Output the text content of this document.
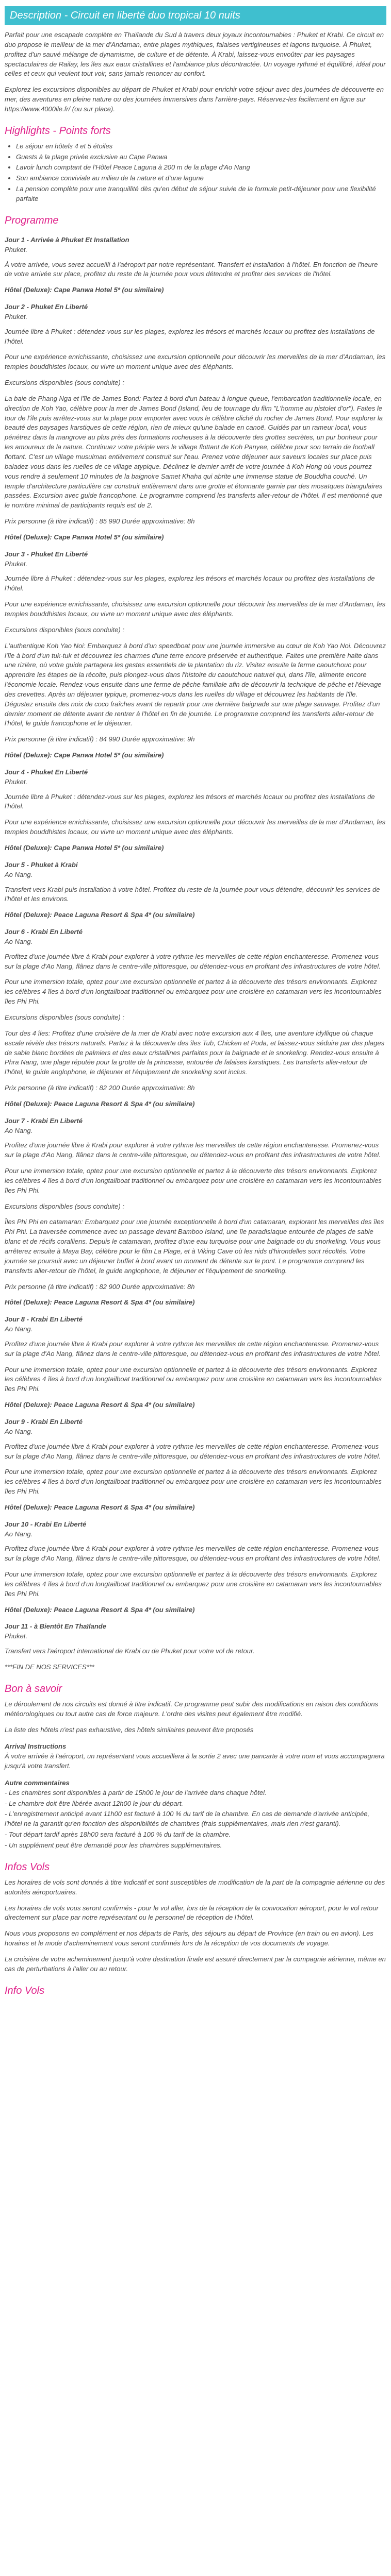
Description - Circuit en liberté duo tropical 10 nuits

Parfait pour une escapade complète en Thaïlande du Sud à travers deux joyaux incontournables : Phuket et Krabi. Ce circuit en duo propose le meilleur de la mer d'Andaman, entre plages mythiques, falaises vertigineuses et lagons turquoise. À Phuket, profitez d'un sauvé mélange de dynamisme, de culture et de détente. À Krabi, laissez-vous envoûter par les paysages spectaculaires de Railay, les îles aux eaux cristallines et l'ambiance plus décontractée. Un voyage rythmé et équilibré, idéal pour celles et ceux qui veulent tout voir, sans jamais renoncer au confort.

Explorez les excursions disponibles au départ de Phuket et Krabi pour enrichir votre séjour avec des journées de découverte en mer, des aventures en pleine nature ou des journées immersives dans l'arrière-pays. Réservez-les facilement en ligne sur https://www.4000ile.fr/ (ou sur place).

Highlights - Points forts
• Le séjour en hôtels 4 et 5 étoiles
• Guests à la plage privée exclusive au Cape Panwa
• Lavoir lunch comptant de l'Hôtel Peace Laguna à 200 m de la plage d'Ao Nang
• Son ambiance conviviale au milieu de la nature et d'une lagune
• La pension complète pour une tranquillité dès qu'en début de séjour suivie de la formule petit-déjeuner pour une flexibilité parfaite
Programme
Jour 1 - Arrivée à Phuket Et Installation
Phuket.

À votre arrivée, vous serez accueilli à l'aéroport par notre représentant. Transfert et installation à l'hôtel. En fonction de l'heure de votre arrivée sur place, profitez du reste de la journée pour vous détendre et profiter des services de l'hôtel.

Hôtel (Deluxe): Cape Panwa Hotel 5* (ou similaire)
Jour 2 - Phuket En Liberté
Phuket.

Journée libre à Phuket : détendez-vous sur les plages, explorez les trésors et marchés locaux ou profitez des installations de l'hôtel.

Pour une expérience enrichissante, choisissez une excursion optionnelle pour découvrir les merveilles de la mer d'Andaman, les temples bouddhistes locaux, ou vivre un moment unique avec des éléphants.

Excursions disponibles (sous conduite) :

La baie de Phang Nga et l'île de James Bond: Partez à bord d'un bateau à longue queue, l'embarcation traditionnelle locale, en direction de Koh Yao, célèbre pour la mer de James Bond (Island, lieu de tournage du film "L'homme au pistolet d'or"). Faites le tour de l'île puis arrêtez-vous sur la plage pour emporter avec vous le célèbre cliché du rocher de James Bond. Pour explorer la beauté des paysages karstiques de cette région, rien de mieux qu'une balade en canoë. Guidés par un rameur local, vous pénétrez dans la mangrove au plus près des formations rocheuses à la découverte des grottes secrètes, un pur bonheur pour les amoureux de la nature. Continuez votre périple vers le village flottant de Koh Panyee, célèbre pour son terrain de football flottant. C'est un village musulman entièrement construit sur l'eau. Prenez votre déjeuner aux saveurs locales sur place puis baladez-vous dans les ruelles de ce village atypique. Déclinez le dernier arrêt de votre journée à Koh Hong où vous pourrez vous rendre à seulement 10 minutes de la baignoire Samet Khaha qui abrite une immense statue de Bouddha couché. Un temple d'architecture particulière car construit entièrement dans une grotte et étonnante garnie par des mosaïques triangulaires passées. Excursion avec guide francophone. Le programme comprend les transferts aller-retour de l'hôtel. Il est mentionné que le nombre minimal de participants requis est de 2.

Prix personne (à titre indicatif) : 85 990 Durée approximative: 8h

Hôtel (Deluxe): Cape Panwa Hotel 5* (ou similaire)
Jour 3 - Phuket En Liberté
Phuket.

Journée libre à Phuket : détendez-vous sur les plages, explorez les trésors et marchés locaux ou profitez des installations de l'hôtel.

Pour une expérience enrichissante, choisissez une excursion optionnelle pour découvrir les merveilles de la mer d'Andaman, les temples bouddhistes locaux, ou vivre un moment unique avec des éléphants.

Excursions disponibles (sous conduite) :

L'authentique Koh Yao Noi: Embarquez à bord d'un speedboat pour une journée immersive au cœur de Koh Yao Noi. Découvrez l'île à bord d'un tuk-tuk et découvrez les charmes d'une terre encore préservée et authentique. Faites une première halte dans une rizière, où votre guide partagera les gestes essentiels de la plantation du riz. Visitez ensuite la ferme caoutchouc pour apprendre les étapes de la récolte, puis plongez-vous dans l'histoire du caoutchouc naturel qui, dans l'île, alimente encore l'économie locale. Rendez-vous ensuite dans une ferme de pêche familiale afin de découvrir la technique de pêche et l'élevage des crevettes. Après un déjeuner typique, promenez-vous dans les ruelles du village et découvrez les habitants de l'île. Dégustez ensuite des noix de coco fraîches avant de repartir pour une dernière baignade sur une plage sauvage. Profitez d'un dernier moment de détente avant de rentrer à l'hôtel en fin de journée. Le programme comprend les transferts aller-retour de l'hôtel, le guide francophone et le déjeuner.

Prix personne (à titre indicatif) : 84 990 Durée approximative: 9h

Hôtel (Deluxe): Cape Panwa Hotel 5* (ou similaire)
Jour 4 - Phuket En Liberté
Phuket.

Journée libre à Phuket : détendez-vous sur les plages, explorez les trésors et marchés locaux ou profitez des installations de l'hôtel.

Pour une expérience enrichissante, choisissez une excursion optionnelle pour découvrir les merveilles de la mer d'Andaman, les temples bouddhistes locaux, ou vivre un moment unique avec des éléphants.

Hôtel (Deluxe): Cape Panwa Hotel 5* (ou similaire)
Jour 5 - Phuket à Krabi
Ao Nang.

Transfert vers Krabi puis installation à votre hôtel. Profitez du reste de la journée pour vous détendre, découvrir les services de l'hôtel et les environs.

Hôtel (Deluxe): Peace Laguna Resort & Spa 4* (ou similaire)
Jour 6 - Krabi En Liberté
Ao Nang.

Profitez d'une journée libre à Krabi pour explorer à votre rythme les merveilles de cette région enchanteresse. Promenez-vous sur la plage d'Ao Nang, flânez dans le centre-ville pittoresque, ou détendez-vous en profitant des infrastructures de votre hôtel.

Pour une immersion totale, optez pour une excursion optionnelle et partez à la découverte des trésors environnants. Explorez les célèbres 4 îles à bord d'un longtailboat traditionnel ou embarquez pour une croisière en catamaran vers les incontournables îles Phi Phi.

Excursions disponibles (sous conduite) :

Tour des 4 îles: Profitez d'une croisière de la mer de Krabi avec notre excursion aux 4 îles, une aventure idyllique où chaque escale révèle des trésors naturels. Partez à la découverte des îles Tub, Chicken et Poda, et laissez-vous séduire par des plages de sable blanc bordées de palmiers et des eaux cristallines parfaites pour la baignade et le snorkeling. Rendez-vous ensuite à Phra Nang, une plage réputée pour la grotte de la princesse, entourée de falaises karstiques. Les transferts aller-retour de l'hôtel, le guide anglophone, le déjeuner et l'équipement de snorkeling sont inclus.

Prix personne (à titre indicatif) : 82 200 Durée approximative: 8h

Hôtel (Deluxe): Peace Laguna Resort & Spa 4* (ou similaire)
Jour 7 - Krabi En Liberté
Ao Nang.

Profitez d'une journée libre à Krabi pour explorer à votre rythme les merveilles de cette région enchanteresse. Promenez-vous sur la plage d'Ao Nang, flânez dans le centre-ville pittoresque, ou détendez-vous en profitant des infrastructures de votre hôtel.

Pour une immersion totale, optez pour une excursion optionnelle et partez à la découverte des trésors environnants. Explorez les célèbres 4 îles à bord d'un longtailboat traditionnel ou embarquez pour une croisière en catamaran vers les incontournables îles Phi Phi.

Excursions disponibles (sous conduite) :

Îles Phi Phi en catamaran: Embarquez pour une journée exceptionnelle à bord d'un catamaran, explorant les merveilles des îles Phi Phi. La traversée commence avec un passage devant Bamboo Island, une île paradisiaque entourée de plages de sable blanc et de récifs coralliens. Depuis le catamaran, profitez d'une eau turquoise pour une baignade ou du snorkeling. Vous vous arrêterez ensuite à Maya Bay, célèbre pour le film La Plage, et à Viking Cave où les nids d'hirondelles sont récoltés. Votre journée se poursuit avec un déjeuner buffet à bord avant un moment de détente sur le pont. Le programme comprend les transferts aller-retour de l'hôtel, le guide anglophone, le déjeuner et l'équipement de snorkeling.

Prix personne (à titre indicatif) : 82 900 Durée approximative: 8h

Hôtel (Deluxe): Peace Laguna Resort & Spa 4* (ou similaire)
Jour 8 - Krabi En Liberté
Ao Nang.

Profitez d'une journée libre à Krabi pour explorer à votre rythme les merveilles de cette région enchanteresse. Promenez-vous sur la plage d'Ao Nang, flânez dans le centre-ville pittoresque, ou détendez-vous en profitant des infrastructures de votre hôtel.

Pour une immersion totale, optez pour une excursion optionnelle et partez à la découverte des trésors environnants. Explorez les célèbres 4 îles à bord d'un longtailboat traditionnel ou embarquez pour une croisière en catamaran vers les incontournables îles Phi Phi.

Hôtel (Deluxe): Peace Laguna Resort & Spa 4* (ou similaire)
Jour 9 - Krabi En Liberté
Ao Nang.

Profitez d'une journée libre à Krabi pour explorer à votre rythme les merveilles de cette région enchanteresse. Promenez-vous sur la plage d'Ao Nang, flânez dans le centre-ville pittoresque, ou détendez-vous en profitant des infrastructures de votre hôtel.

Pour une immersion totale, optez pour une excursion optionnelle et partez à la découverte des trésors environnants. Explorez les célèbres 4 îles à bord d'un longtailboat traditionnel ou embarquez pour une croisière en catamaran vers les incontournables îles Phi Phi.

Hôtel (Deluxe): Peace Laguna Resort & Spa 4* (ou similaire)
Jour 10 - Krabi En Liberté
Ao Nang.

Profitez d'une journée libre à Krabi pour explorer à votre rythme les merveilles de cette région enchanteresse. Promenez-vous sur la plage d'Ao Nang, flânez dans le centre-ville pittoresque, ou détendez-vous en profitant des infrastructures de votre hôtel.

Pour une immersion totale, optez pour une excursion optionnelle et partez à la découverte des trésors environnants. Explorez les célèbres 4 îles à bord d'un longtailboat traditionnel ou embarquez pour une croisière en catamaran vers les incontournables îles Phi Phi.

Hôtel (Deluxe): Peace Laguna Resort & Spa 4* (ou similaire)
Jour 11 - à Bientôt En Thaïlande
Phuket.

Transfert vers l'aéroport international de Krabi ou de Phuket pour votre vol de retour.

***FIN DE NOS SERVICES***

Bon à savoir

Le déroulement de nos circuits est donné à titre indicatif. Ce programme peut subir des modifications en raison des conditions météorologiques ou tout autre cas de force majeure. L'ordre des visites peut également être modifié.

La liste des hôtels n'est pas exhaustive, des hôtels similaires peuvent être proposés

Arrival Instructions

À votre arrivée à l'aéroport, un représentant vous accueillera à la sortie 2 avec une pancarte à votre nom et vous accompagnera jusqu'à votre transfert.

Autre commentaires

- Les chambres sont disponibles à partir de 15h00 le jour de l'arrivée dans chaque hôtel.

- Le chambre doit être libérée avant 12h00 le jour du départ.

- L'enregistrement anticipé avant 11h00 est facturé à 100 % du tarif de la chambre. En cas de demande d'arrivée anticipée, l'hôtel ne la garantit qu'en fonction des disponibilités de chambres (frais supplémentaires, mais rien n'est garanti).

- Tout départ tardif après 18h00 sera facturé à 100 % du tarif de la chambre.

- Un supplément peut être demandé pour les chambres supplémentaires.

Infos Vols

Les horaires de vols sont donnés à titre indicatif et sont susceptibles de modification de la part de la compagnie aérienne ou des autorités aéroportuaires.

Les horaires de vols vous seront confirmés - pour le vol aller, lors de la réception de la convocation aéroport, pour le vol retour directement sur place par notre représentant ou le personnel de réception de l'hôtel.

Nous vous proposons en complément et nos départs de Paris, des séjours au départ de Province (en train ou en avion). Les horaires et le mode d'acheminement vous seront confirmés lors de la réception de vos documents de voyage.

La croisière de votre acheminement jusqu'à votre destination finale est assuré directement par la compagnie aérienne, même en cas de perturbations à l'aller ou au retour.

Info Vols
